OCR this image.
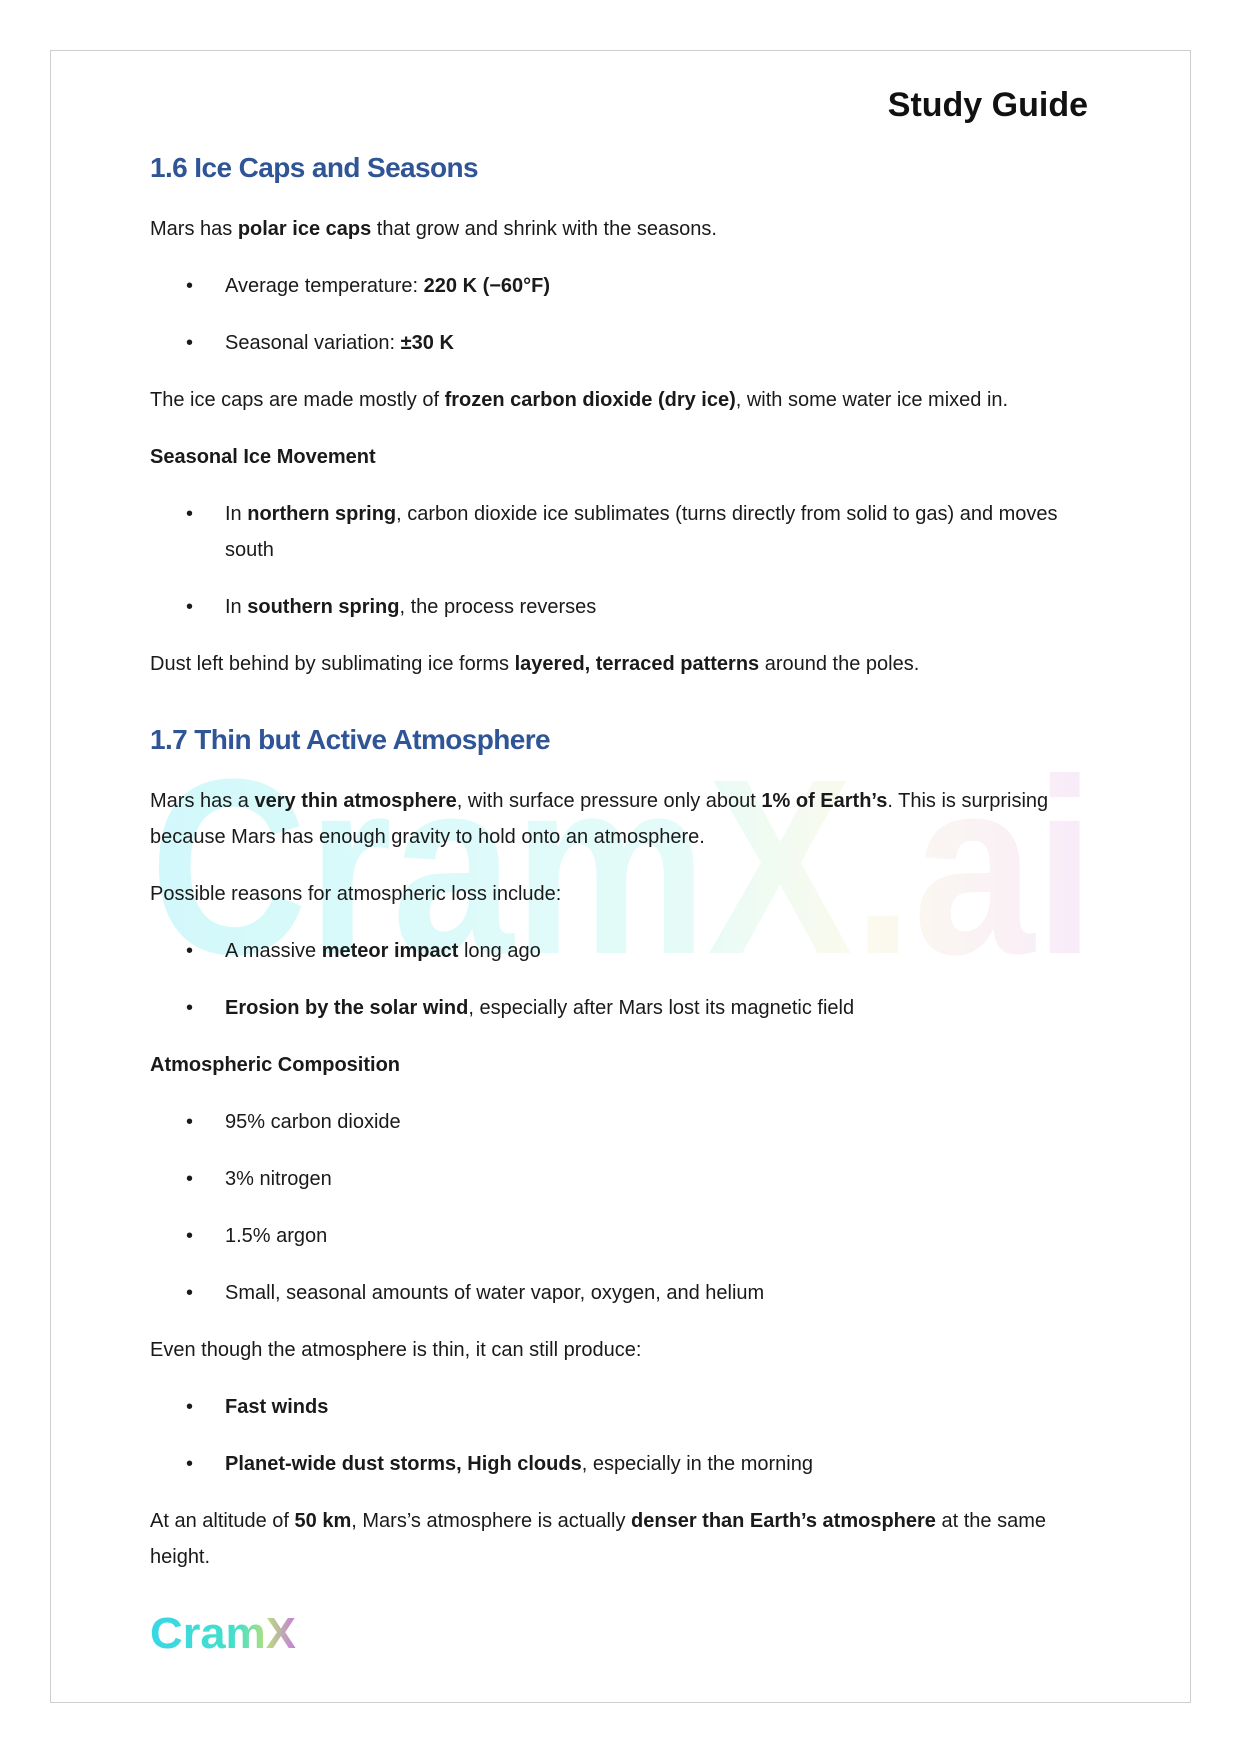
CramX.ai
Study Guide
1.6 Ice Caps and Seasons

Mars has polar ice caps that grow and shrink with the seasons.

• Average temperature: 220 K (−60°F)
• Seasonal variation: ±30 K

The ice caps are made mostly of frozen carbon dioxide (dry ice), with some water ice mixed in.

Seasonal Ice Movement
• In northern spring, carbon dioxide ice sublimates (turns directly from solid to gas) and moves south
• In southern spring, the process reverses

Dust left behind by sublimating ice forms layered, terraced patterns around the poles.

1.7 Thin but Active Atmosphere

Mars has a very thin atmosphere, with surface pressure only about 1% of Earth’s. This is surprising because Mars has enough gravity to hold onto an atmosphere.

Possible reasons for atmospheric loss include:

• A massive meteor impact long ago
• Erosion by the solar wind, especially after Mars lost its magnetic field
Atmospheric Composition
• 95% carbon dioxide
• 3% nitrogen
• 1.5% argon
• Small, seasonal amounts of water vapor, oxygen, and helium

Even though the atmosphere is thin, it can still produce:

• Fast winds
• Planet-wide dust storms, High clouds, especially in the morning

At an altitude of 50 km, Mars’s atmosphere is actually denser than Earth’s atmosphere at the same height.

CramX
